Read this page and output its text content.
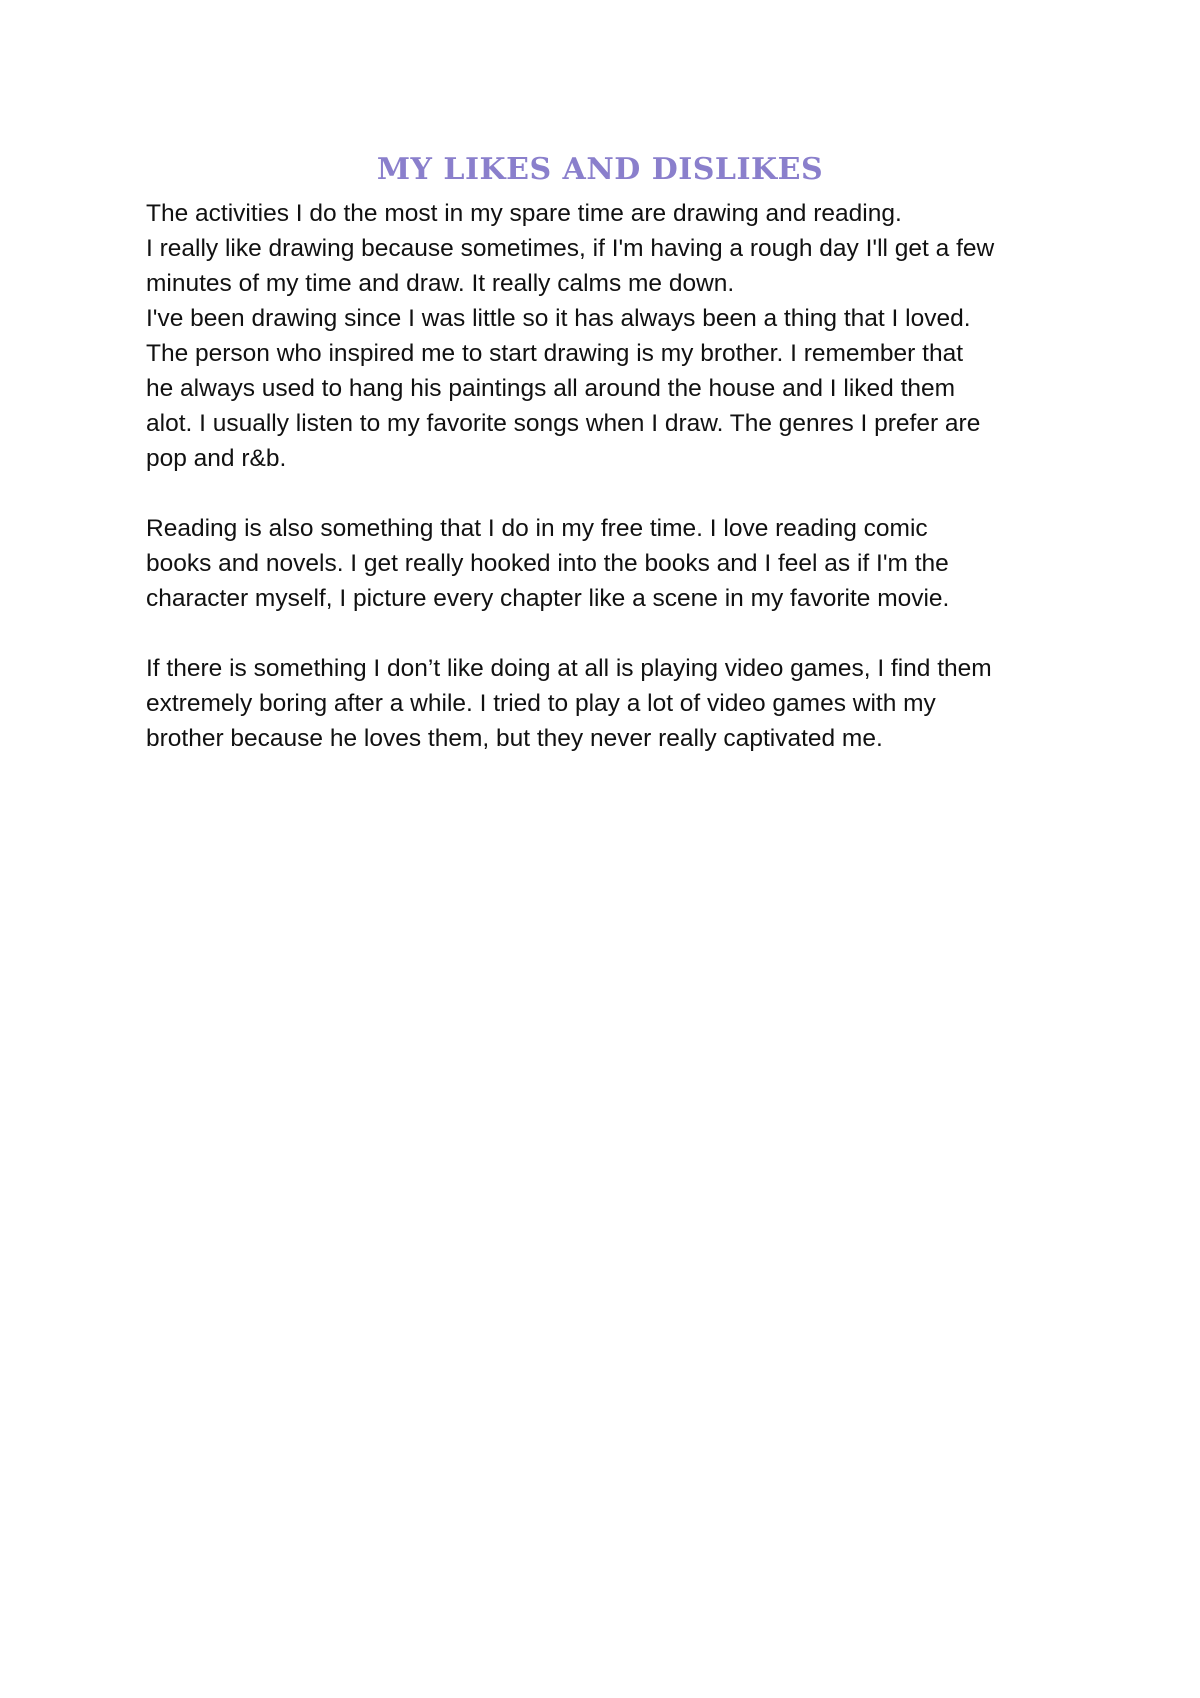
MY LIKES AND DISLIKES
The activities I do the most in my spare time are drawing and reading.
I really like drawing because sometimes, if I'm having a rough day I'll get a few
minutes of my time and draw. It really calms me down.
I've been drawing since I was little so it has always been a thing that I loved.
The person who inspired me to start drawing is my brother. I remember that
he always used to hang his paintings all around the house and I liked them
alot. I usually listen to my favorite songs when I draw. The genres I prefer are
pop and r&b.
Reading is also something that I do in my free time. I love reading comic
books and novels. I get really hooked into the books and I feel as if I'm the
character myself, I picture every chapter like a scene in my favorite movie.
If there is something I don’t like doing at all is playing video games, I find them
extremely boring after a while. I tried to play a lot of video games with my
brother because he loves them, but they never really captivated me.
